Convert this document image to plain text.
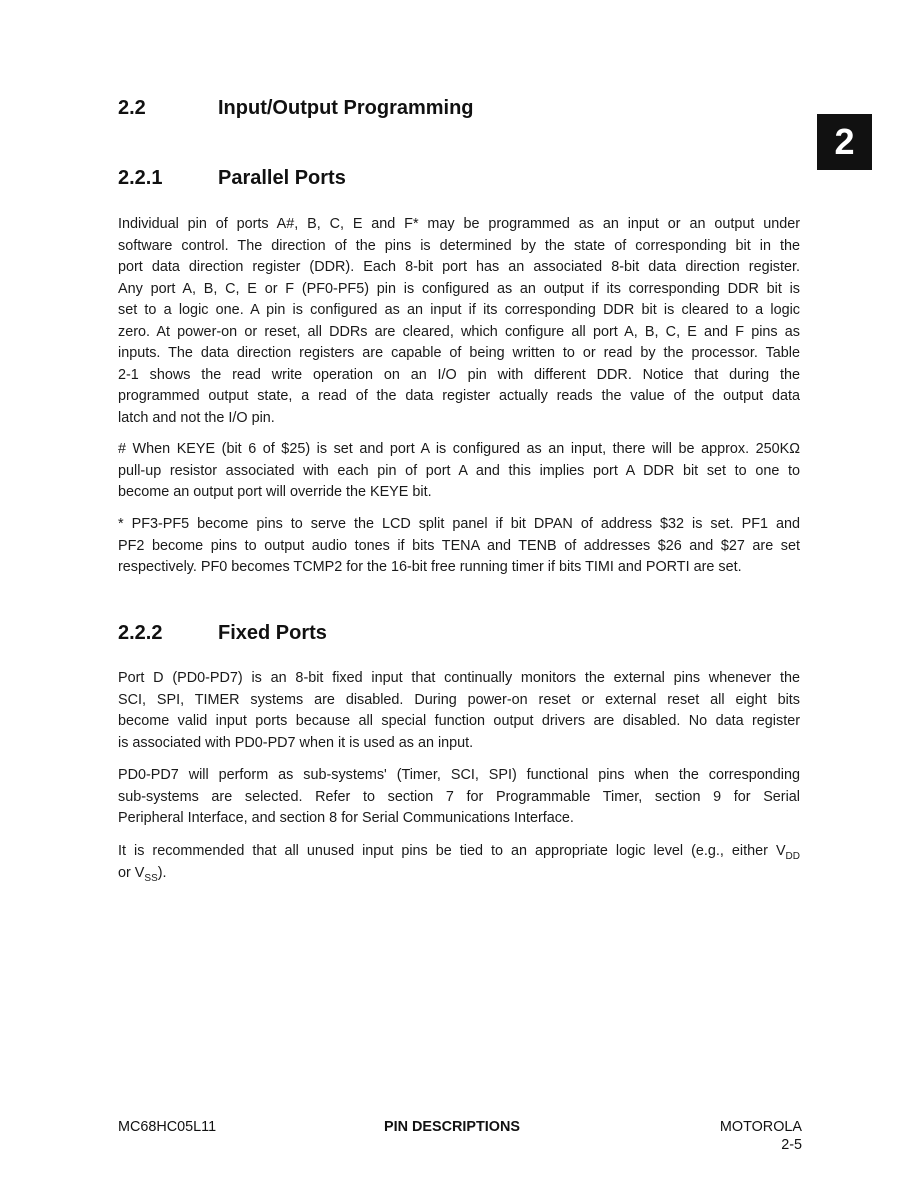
2
2.2	Input/Output Programming
2.2.1	Parallel Ports
Individual pin of ports A#, B, C, E and F* may be programmed as an input or an output under
software control. The direction of the pins is determined by the state of corresponding bit in the
port data direction register (DDR). Each 8-bit port has an associated 8-bit data direction register.
Any port A, B, C, E or F (PF0-PF5) pin is configured as an output if its corresponding DDR bit is
set to a logic one. A pin is configured as an input if its corresponding DDR bit is cleared to a logic
zero. At power-on or reset, all DDRs are cleared, which configure all port A, B, C, E and F pins as
inputs. The data direction registers are capable of being written to or read by the processor. Table
2-1 shows the read write operation on an I/O pin with different DDR. Notice that during the
programmed output state, a read of the data register actually reads the value of the output data
latch and not the I/O pin.
# When KEYE (bit 6 of $25) is set and port A is configured as an input, there will be approx. 250KΩ
pull-up resistor associated with each pin of port A and this implies port A DDR bit set to one to
become an output port will override the KEYE bit.
* PF3-PF5 become pins to serve the LCD split panel if bit DPAN of address $32 is set. PF1 and
PF2 become pins to output audio tones if bits TENA and TENB of addresses $26 and $27 are set
respectively. PF0 becomes TCMP2 for the 16-bit free running timer if bits TIMI and PORTI are set.
2.2.2	Fixed Ports
Port D (PD0-PD7) is an 8-bit fixed input that continually monitors the external pins whenever the
SCI, SPI, TIMER systems are disabled. During power-on reset or external reset all eight bits
become valid input ports because all special function output drivers are disabled. No data register
is associated with PD0-PD7 when it is used as an input.
PD0-PD7 will perform as sub-systems' (Timer, SCI, SPI) functional pins when the corresponding
sub-systems are selected. Refer to section 7 for Programmable Timer, section 9 for Serial
Peripheral Interface, and section 8 for Serial Communications Interface.
It is recommended that all unused input pins be tied to an appropriate logic level (e.g., either $V_{DD}$
or $V_{SS}$).
MC68HC05L11	PIN DESCRIPTIONS	MOTOROLA
2-5
